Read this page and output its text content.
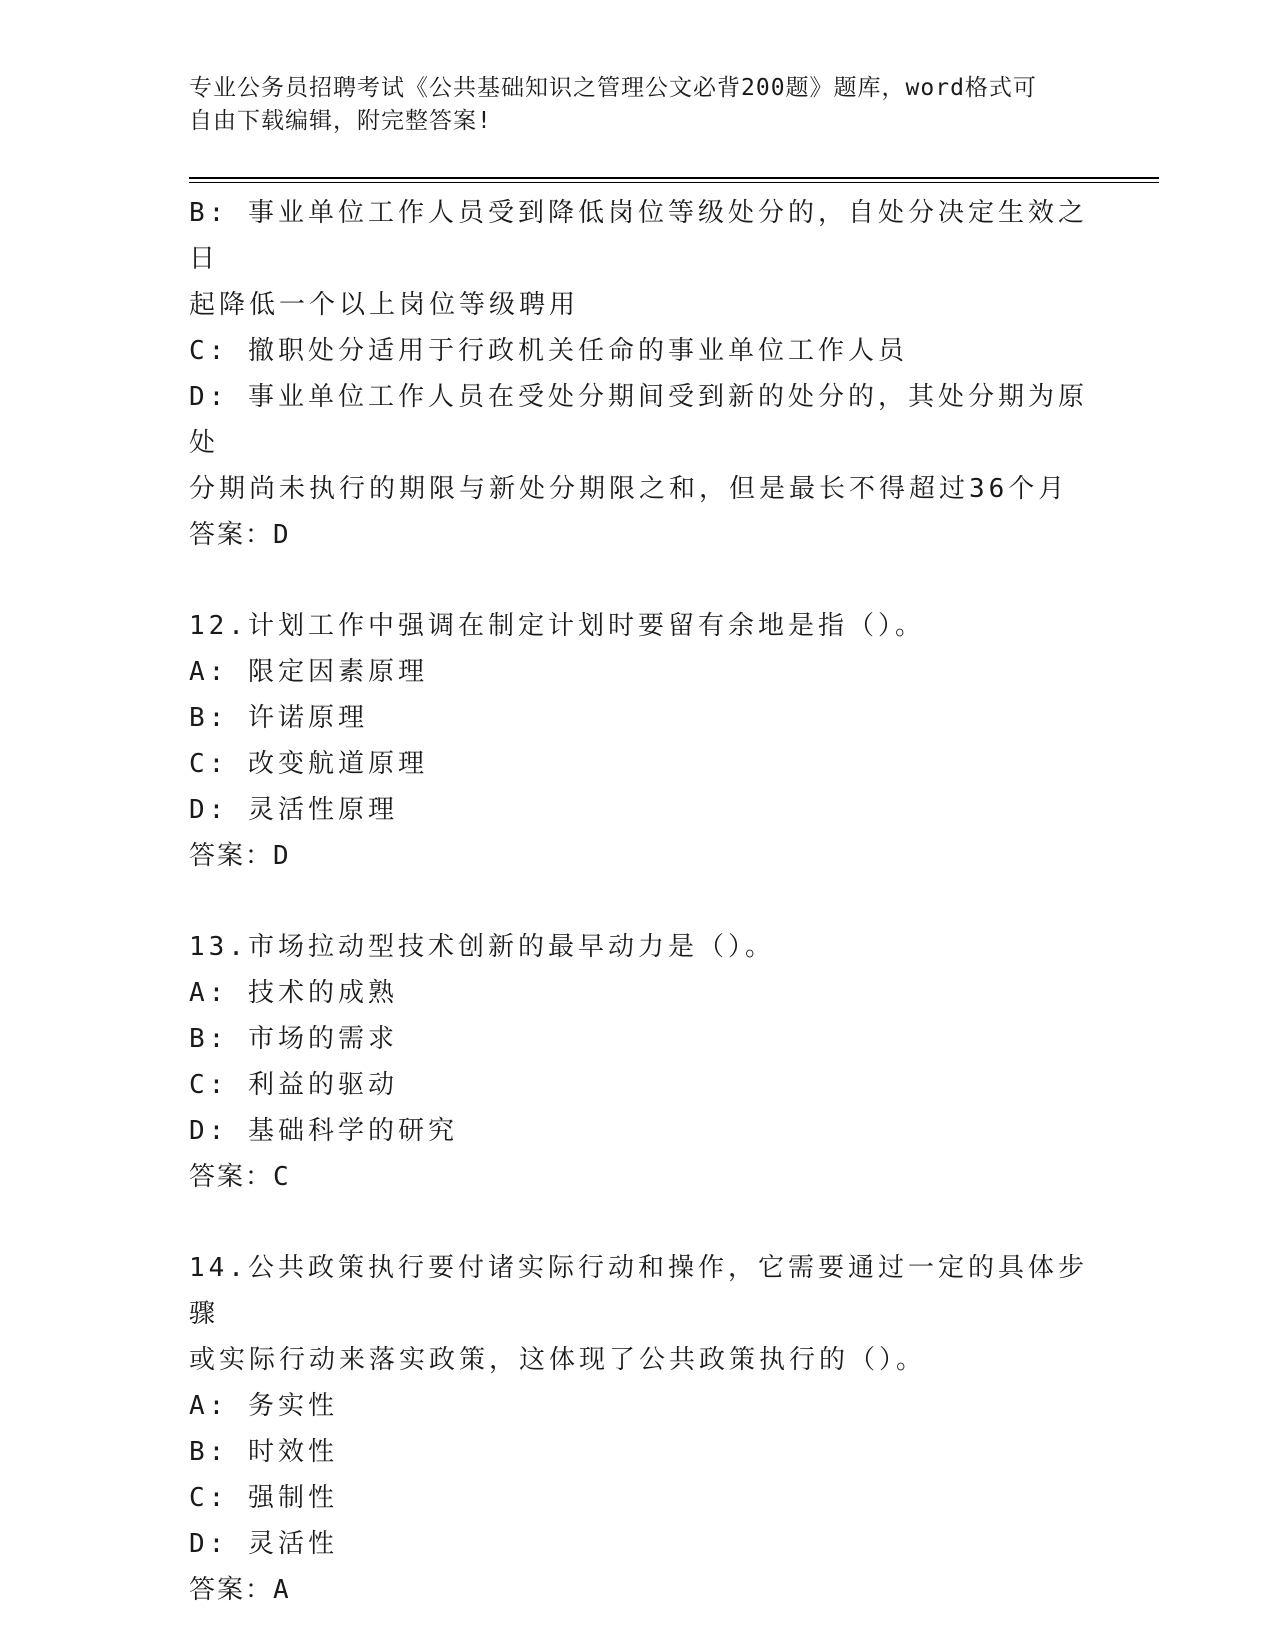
专业公务员招聘考试《公共基础知识之管理公文必背200题》题库，word格式可
自由下载编辑，附完整答案!

B: 事业单位工作人员受到降低岗位等级处分的，自处分决定生效之日

起降低一个以上岗位等级聘用

C: 撤职处分适用于行政机关任命的事业单位工作人员

D: 事业单位工作人员在受处分期间受到新的处分的，其处分期为原处

分期尚未执行的期限与新处分期限之和，但是最长不得超过36个月

答案：D

12.计划工作中强调在制定计划时要留有余地是指（）。

A: 限定因素原理

B: 许诺原理

C: 改变航道原理

D: 灵活性原理

答案：D

13.市场拉动型技术创新的最早动力是（）。

A: 技术的成熟

B: 市场的需求

C: 利益的驱动

D: 基础科学的研究

答案：C

14.公共政策执行要付诸实际行动和操作，它需要通过一定的具体步骤

或实际行动来落实政策，这体现了公共政策执行的（）。

A: 务实性

B: 时效性

C: 强制性

D: 灵活性

答案：A
